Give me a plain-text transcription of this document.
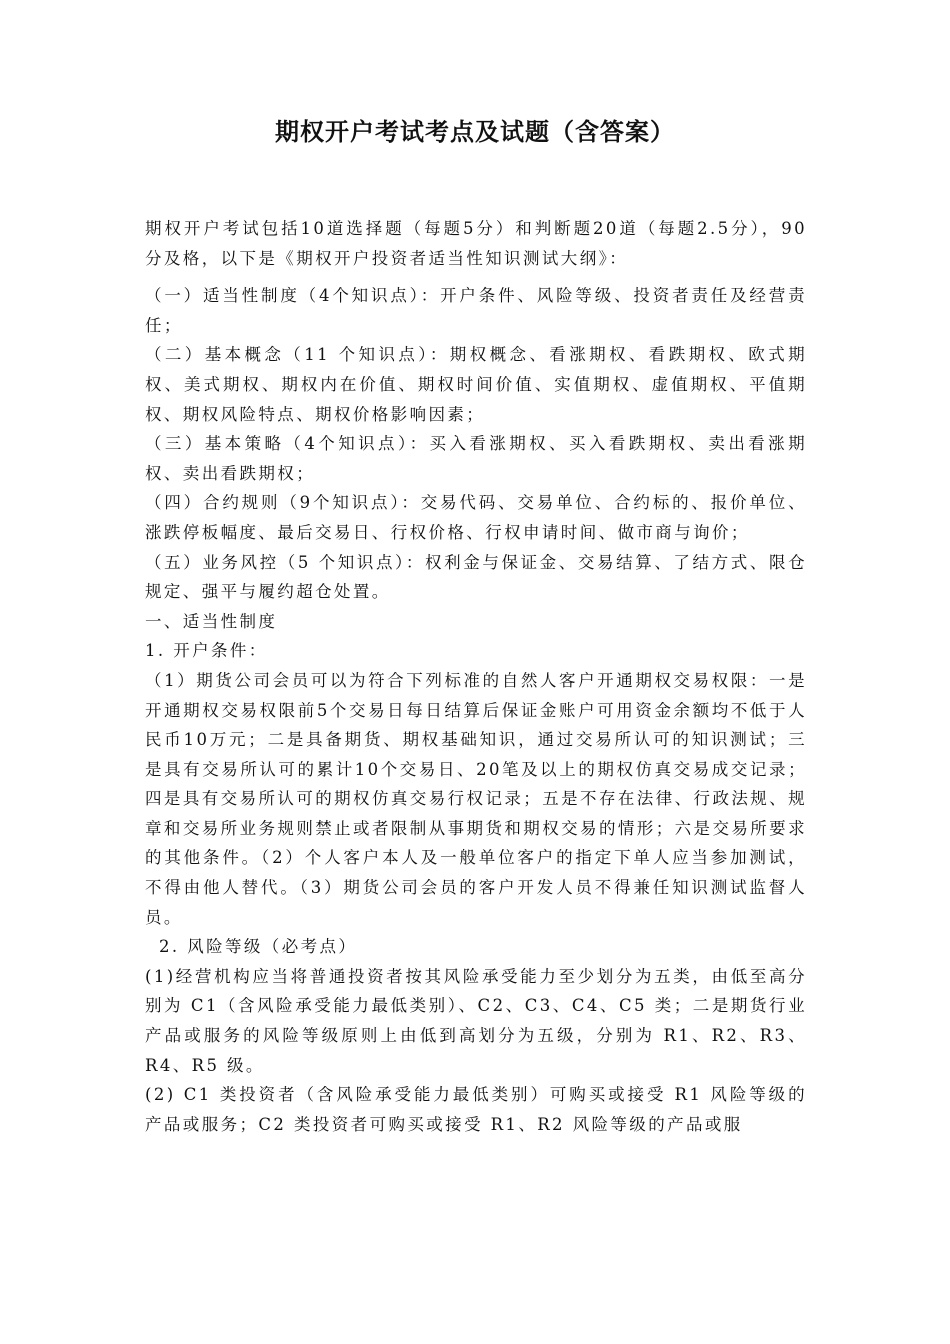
期权开户考试考点及试题（含答案）

期权开户考试包括10道选择题（每题5分）和判断题20道（每题2.5分），90分及格，以下是《期权开户投资者适当性知识测试大纲》：

（一）适当性制度（4个知识点）：开户条件、风险等级、投资者责任及经营责任；

（二）基本概念（11 个知识点）：期权概念、看涨期权、看跌期权、欧式期权、美式期权、期权内在价值、期权时间价值、实值期权、虚值期权、平值期权、期权风险特点、期权价格影响因素；

（三）基本策略（4个知识点）：买入看涨期权、买入看跌期权、卖出看涨期权、卖出看跌期权；

（四）合约规则（9个知识点）：交易代码、交易单位、合约标的、报价单位、涨跌停板幅度、最后交易日、行权价格、行权申请时间、做市商与询价；

（五）业务风控（5 个知识点）：权利金与保证金、交易结算、了结方式、限仓规定、强平与履约超仓处置。

一、适当性制度

1. 开户条件：

（1）期货公司会员可以为符合下列标准的自然人客户开通期权交易权限：一是开通期权交易权限前5个交易日每日结算后保证金账户可用资金余额均不低于人民币10万元；二是具备期货、期权基础知识，通过交易所认可的知识测试；三是具有交易所认可的累计10个交易日、20笔及以上的期权仿真交易成交记录；四是具有交易所认可的期权仿真交易行权记录；五是不存在法律、行政法规、规章和交易所业务规则禁止或者限制从事期货和期权交易的情形；六是交易所要求的其他条件。（2）个人客户本人及一般单位客户的指定下单人应当参加测试，不得由他人替代。（3）期货公司会员的客户开发人员不得兼任知识测试监督人员。

2. 风险等级（必考点）

(1)经营机构应当将普通投资者按其风险承受能力至少划分为五类，由低至高分别为 C1（含风险承受能力最低类别）、C2、C3、C4、C5 类；二是期货行业产品或服务的风险等级原则上由低到高划分为五级，分别为 R1、R2、R3、R4、R5 级。

(2) C1 类投资者（含风险承受能力最低类别）可购买或接受 R1 风险等级的产品或服务；C2 类投资者可购买或接受 R1、R2 风险等级的产品或服
